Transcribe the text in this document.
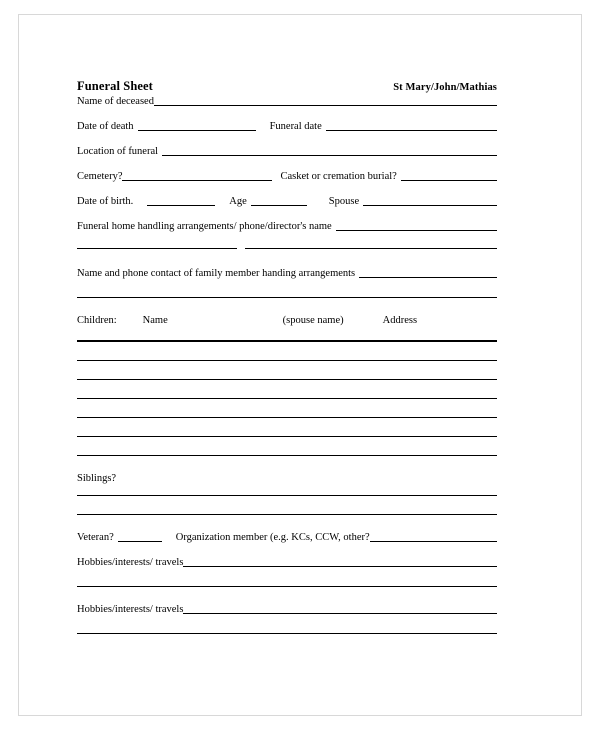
Funeral Sheet	St Mary/John/Mathias
Name of deceased
Date of death	Funeral date
Location of funeral
Cemetery?	Casket or cremation burial?
Date of birth.	Age	Spouse
Funeral home handling arrangements/ phone/director's name
Name and phone contact of family member handing arrangements
Children: Name	(spouse name)	Address
Siblings?
Veteran?	Organization member (e.g. KCs, CCW, other?
Hobbies/interests/ travels
Hobbies/interests/ travels
